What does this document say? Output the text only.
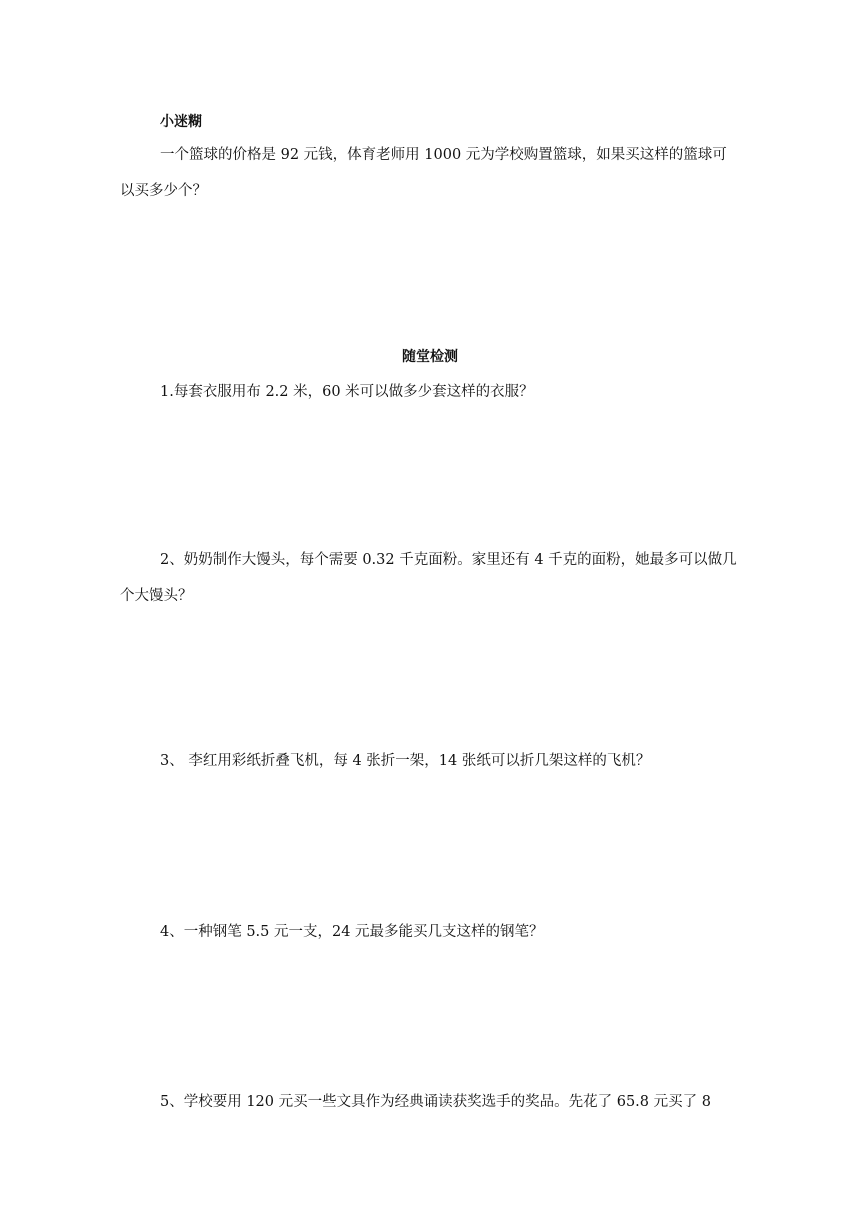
小迷糊
一个篮球的价格是 92 元钱，体育老师用 1000 元为学校购置篮球，如果买这样的篮球可以买多少个？
随堂检测
1.每套衣服用布 2.2 米，60 米可以做多少套这样的衣服？
2、奶奶制作大馒头，每个需要 0.32 千克面粉。家里还有 4 千克的面粉，她最多可以做几个大馒头？
3、 李红用彩纸折叠飞机，每 4 张折一架，14 张纸可以折几架这样的飞机？
4、一种钢笔 5.5 元一支，24 元最多能买几支这样的钢笔？
5、学校要用 120 元买一些文具作为经典诵读获奖选手的奖品。先花了 65.8 元买了 8
